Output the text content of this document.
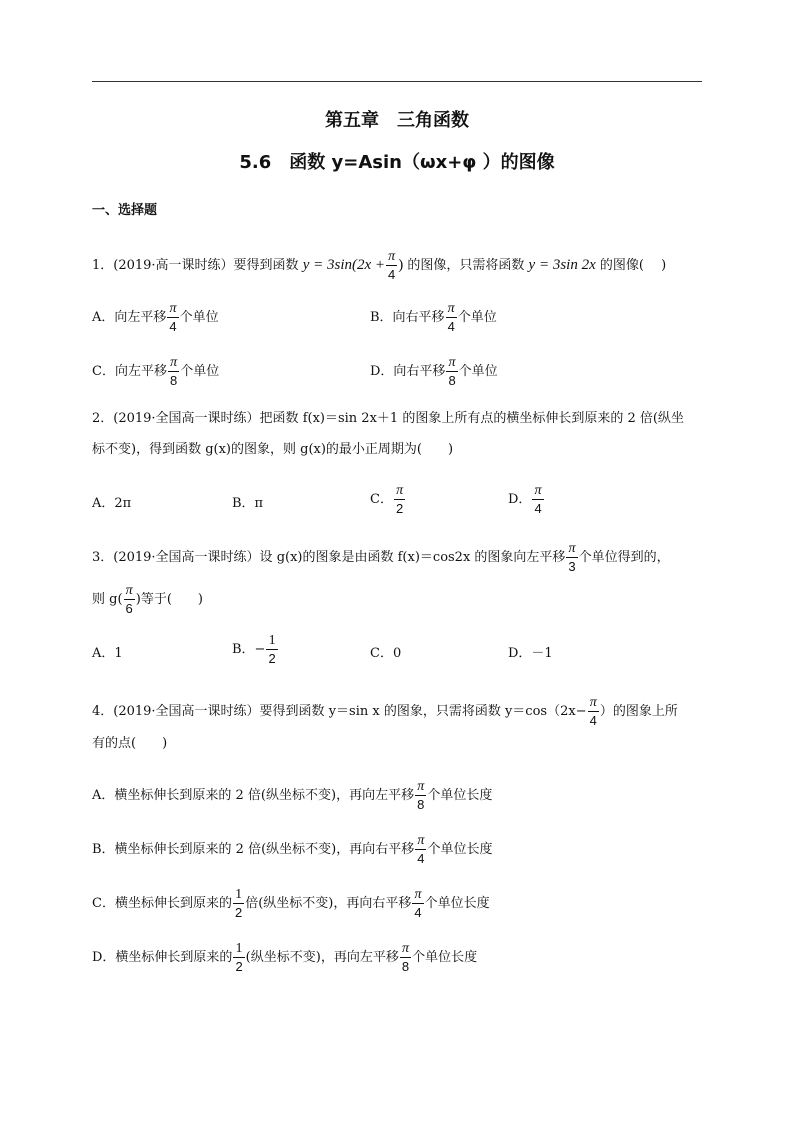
第五章　三角函数
5.6　函数 y=Asin（ωx+φ ）的图像
一、选择题
1．(2019·高一课时练）要得到函数 $y = 3\sin(2x + \frac{\pi}{4}$ ) 的图像，只需将函数 y = 3sin 2x 的图像(　 )
A．向左平移 $\frac{\pi}{4}$ 个单位	B．向右平移 $\frac{\pi}{4}$ 个单位
C．向左平移 $\frac{\pi}{8}$ 个单位	D．向右平移 $\frac{\pi}{8}$ 个单位
2．(2019·全国高一课时练）把函数 f(x)＝sin 2x＋1 的图象上所有点的横坐标伸长到原来的 2 倍(纵坐
标不变)，得到函数 g(x)的图象，则 g(x)的最小正周期为(　　)
A．2π	B．π	C． $\frac{\pi}{2}$	D． $\frac{\pi}{4}$
3．(2019·全国高一课时练）设 g(x)的图象是由函数 f(x)＝cos2x 的图象向左平移 $\frac{\pi}{3}$ 个单位得到的，
则 $g( \frac{\pi}{6}$ )等于(　　)
A．1	B．− $\frac{1}{2}$	C．0	D．－1
4．(2019·全国高一课时练）要得到函数 y＝sin x 的图象，只需将函数 $y=\cos(2x- \frac{\pi}{4}$ ）的图象上所
有的点(　　)
A．横坐标伸长到原来的 2 倍(纵坐标不变)，再向左平移 $\frac{\pi}{8}$ 个单位长度
B．横坐标伸长到原来的 2 倍(纵坐标不变)，再向右平移 $\frac{\pi}{4}$ 个单位长度
C．横坐标伸长到原来的 $\frac{1}{2}$ 倍(纵坐标不变)，再向右平移 $\frac{\pi}{4}$ 个单位长度
D．横坐标伸长到原来的 $\frac{1}{2}$ (纵坐标不变)，再向左平移 $\frac{\pi}{8}$ 个单位长度
